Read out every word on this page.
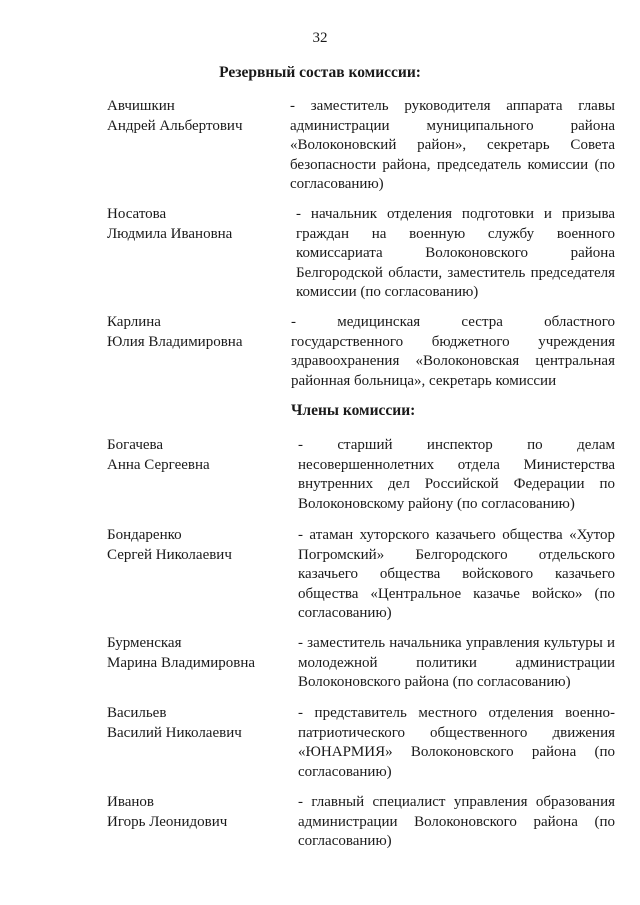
32
Резервный состав комиссии:
Авчишкин
Андрей Альбертович
- заместитель руководителя аппарата главы администрации муниципального района «Волоконовский район», секретарь Совета безопасности района, председатель комиссии (по согласованию)
Носатова
Людмила Ивановна
- начальник отделения подготовки и призыва граждан на военную службу военного комиссариата Волоконовского района Белгородской области, заместитель председателя комиссии (по согласованию)
Карлина
Юлия Владимировна
- медицинская сестра областного государственного бюджетного учреждения здравоохранения «Волоконовская центральная районная больница», секретарь комиссии
Члены комиссии:
Богачева
Анна Сергеевна
- старший инспектор по делам несовершеннолетних отдела Министерства внутренних дел Российской Федерации по Волоконовскому району (по согласованию)
Бондаренко
Сергей Николаевич
- атаман хуторского казачьего общества «Хутор Погромский» Белгородского отдельского казачьего общества войскового казачьего общества «Центральное казачье войско» (по согласованию)
Бурменская
Марина Владимировна
- заместитель начальника управления культуры и молодежной политики администрации Волоконовского района (по согласованию)
Васильев
Василий Николаевич
- представитель местного отделения военно-патриотического общественного движения «ЮНАРМИЯ» Волоконовского района (по согласованию)
Иванов
Игорь Леонидович
- главный специалист управления образования администрации Волоконовского района (по согласованию)
